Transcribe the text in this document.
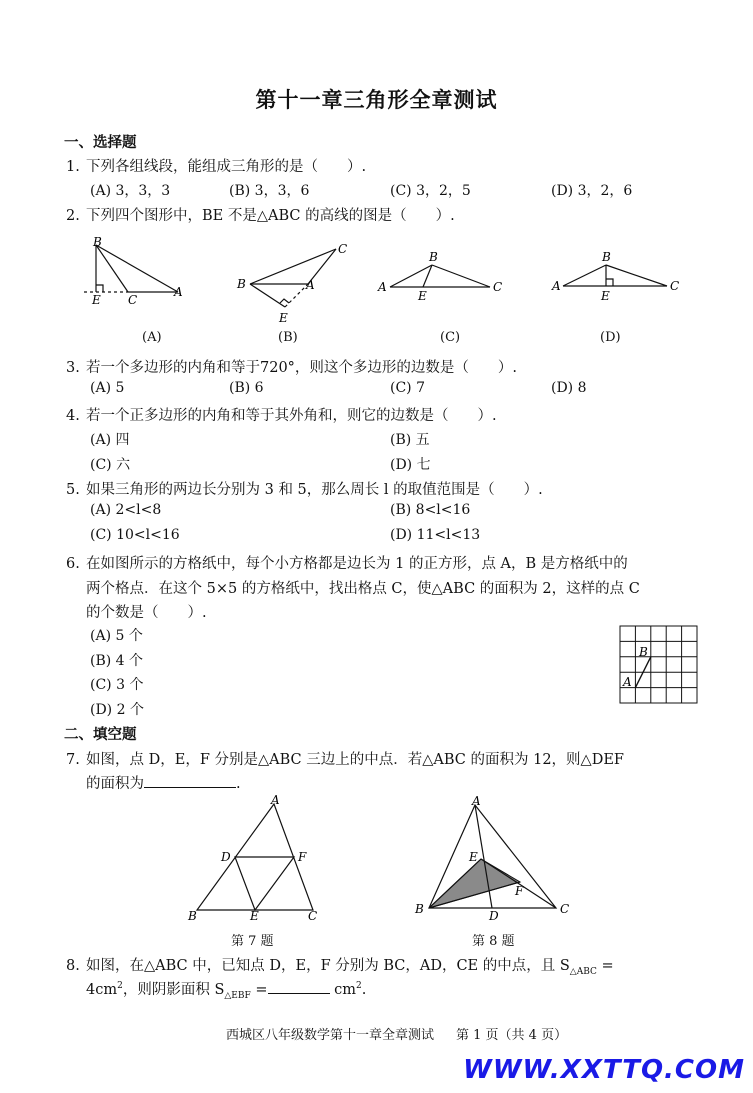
第十一章三角形全章测试
一、选择题
1. 下列各组线段，能组成三角形的是（　　）.
(A) 3，3，3	(B) 3，3，6	(C) 3，2，5	(D) 3，2，6
2. 下列四个图形中，BE 不是△ABC 的高线的图是（　　）.
B
E C
A
B
C
A
E
A
B
C
E
A
B
C
E
(A)	(B)	(C)	(D)
3. 若一个多边形的内角和等于720°，则这个多边形的边数是（　　）.
(A) 5	(B) 6	(C) 7	(D) 8
4. 若一个正多边形的内角和等于其外角和，则它的边数是（　　）.
(A) 四	(B) 五
(C) 六	(D) 七
5. 如果三角形的两边长分别为 3 和 5，那么周长 l 的取值范围是（　　）.
(A) 2<l<8	(B) 8<l<16
(C) 10<l<16	(D) 11<l<13
6. 在如图所示的方格纸中，每个小方格都是边长为 1 的正方形，点 A，B 是方格纸中的
两个格点．在这个 5×5 的方格纸中，找出格点 C，使△ABC 的面积为 2，这样的点 C
的个数是（　　）.
(A) 5 个
(B) 4 个
(C) 3 个
(D) 2 个
B
A
二、填空题
7. 如图，点 D，E，F 分别是△ABC 三边上的中点．若△ABC 的面积为 12，则△DEF
的面积为	.
A
D	F
B	E	C
第 7 题
A
E
F
B	D	C
第 8 题
8. 如图，在△ABC 中，已知点 D，E，F 分别为 BC，AD，CE 的中点，且 $S_{\triangle ABC}$ =
$4cm^2$，则阴影面积 $S_{\triangle EBF}$ =	$cm^2$.
西城区八年级数学第十一章全章测试 第 1 页（共 4 页）
WWW.XXTTQ.COM
